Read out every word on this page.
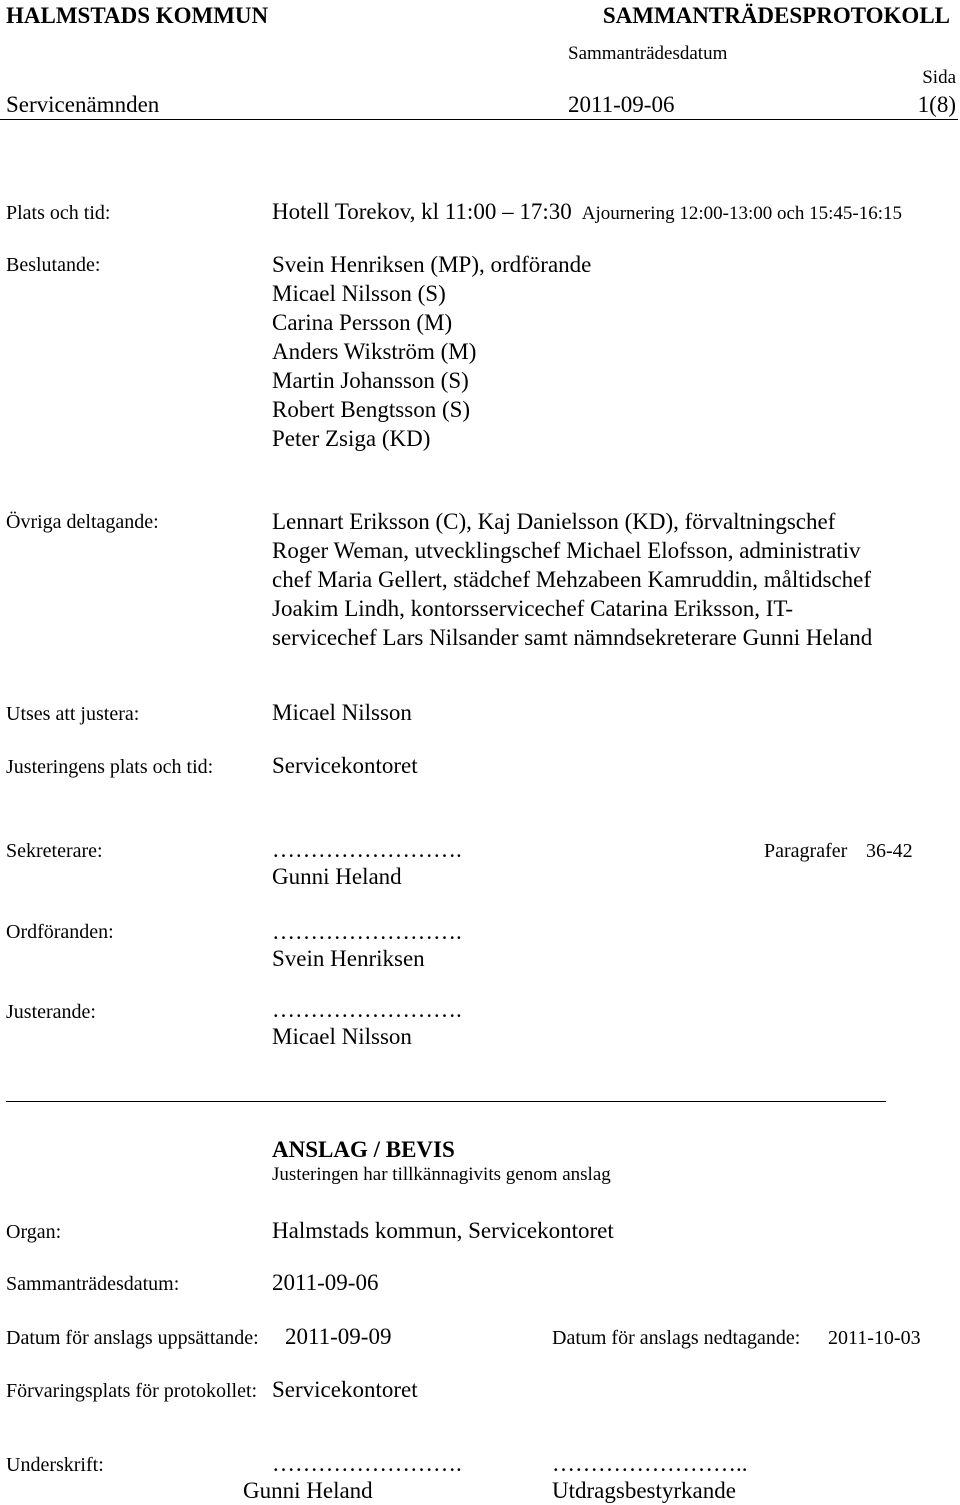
HALMSTADS KOMMUN	SAMMANTRÄDESPROTOKOLL
Sammanträdesdatum
Sida
Servicenämnden	2011-09-06	1(8)
Plats och tid:	Hotell Torekov, kl 11:00 – 17:30 Ajournering 12:00-13:00 och 15:45-16:15
Beslutande:	Svein Henriksen (MP), ordförande
Micael Nilsson (S)
Carina Persson (M)
Anders Wikström (M)
Martin Johansson (S)
Robert Bengtsson (S)
Peter Zsiga (KD)
Övriga deltagande:	Lennart Eriksson (C), Kaj Danielsson (KD), förvaltningschef
Roger Weman, utvecklingschef Michael Elofsson, administrativ
chef Maria Gellert, städchef Mehzabeen Kamruddin, måltidschef
Joakim Lindh, kontorsservicechef Catarina Eriksson, IT-
servicechef Lars Nilsander samt nämndsekreterare Gunni Heland
Utses att justera:	Micael Nilsson
Justeringens plats och tid:	Servicekontoret
Sekreterare:	…………………….
Gunni Heland
Paragrafer 36-42
Ordföranden:	…………………….
Svein Henriksen
Justerande:	…………………….
Micael Nilsson
ANSLAG / BEVIS
Justeringen har tillkännagivits genom anslag
Organ:	Halmstads kommun, Servicekontoret
Sammanträdesdatum:	2011-09-06
Datum för anslags uppsättande: 2011-09-09	Datum för anslags nedtagande: 2011-10-03
Förvaringsplats för protokollet: Servicekontoret
Underskrift:	…………………….	……………………..
Gunni Heland	Utdragsbestyrkande
